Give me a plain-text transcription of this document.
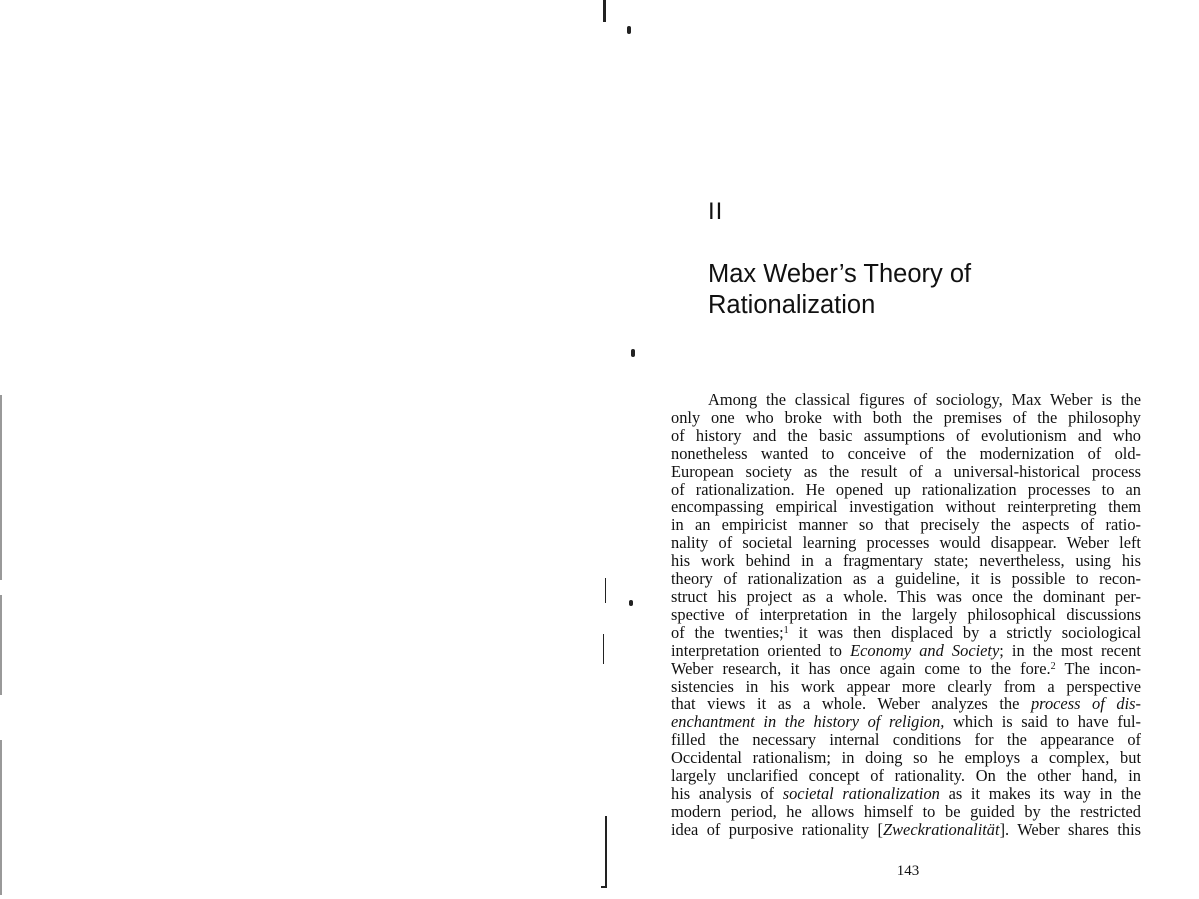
II
Max Weber’s Theory of
Rationalization
Among the classical figures of sociology, Max Weber is the
only one who broke with both the premises of the philosophy
of history and the basic assumptions of evolutionism and who
nonetheless wanted to conceive of the modernization of old-
European society as the result of a universal-historical process
of rationalization. He opened up rationalization processes to an
encompassing empirical investigation without reinterpreting them
in an empiricist manner so that precisely the aspects of ratio-
nality of societal learning processes would disappear. Weber left
his work behind in a fragmentary state; nevertheless, using his
theory of rationalization as a guideline, it is possible to recon-
struct his project as a whole. This was once the dominant per-
spective of interpretation in the largely philosophical discussions
of the twenties;$^1$ it was then displaced by a strictly sociological
interpretation oriented to Economy and Society; in the most recent
Weber research, it has once again come to the fore.$^2$ The incon-
sistencies in his work appear more clearly from a perspective
that views it as a whole. Weber analyzes the process of dis-
enchantment in the history of religion, which is said to have ful-
filled the necessary internal conditions for the appearance of
Occidental rationalism; in doing so he employs a complex, but
largely unclarified concept of rationality. On the other hand, in
his analysis of societal rationalization as it makes its way in the
modern period, he allows himself to be guided by the restricted
idea of purposive rationality [Zweckrationalität]. Weber shares this
143
